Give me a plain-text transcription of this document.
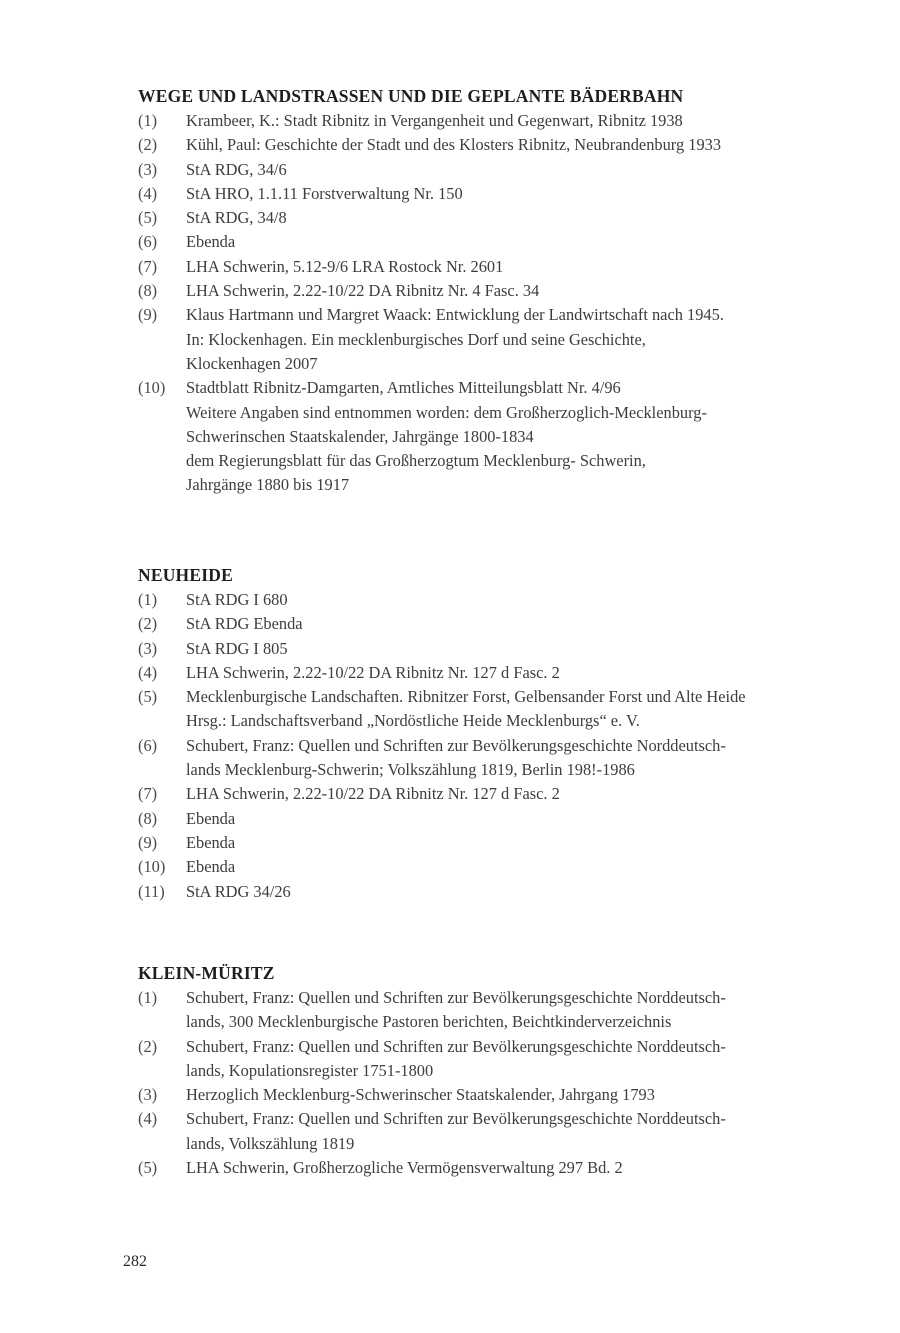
WEGE UND LANDSTRASSEN UND DIE GEPLANTE BÄDERBAHN
(1)	Krambeer, K.: Stadt Ribnitz in Vergangenheit und Gegenwart, Ribnitz 1938
(2)	Kühl, Paul: Geschichte der Stadt und des Klosters Ribnitz, Neubrandenburg 1933
(3)	StA RDG, 34/6
(4)	StA HRO, 1.1.11 Forstverwaltung Nr. 150
(5)	StA RDG, 34/8
(6)	Ebenda
(7)	LHA Schwerin, 5.12-9/6 LRA Rostock Nr. 2601
(8)	LHA Schwerin, 2.22-10/22 DA Ribnitz Nr. 4 Fasc. 34
(9)	Klaus Hartmann und Margret Waack: Entwicklung der Landwirtschaft nach 1945.
In: Klockenhagen. Ein mecklenburgisches Dorf und seine Geschichte,
Klockenhagen 2007
(10)	Stadtblatt Ribnitz-Damgarten, Amtliches Mitteilungsblatt Nr. 4/96
Weitere Angaben sind entnommen worden: dem Großherzoglich-Mecklenburg-
Schwerinschen Staatskalender, Jahrgänge 1800-1834
dem Regierungsblatt für das Großherzogtum Mecklenburg- Schwerin,
Jahrgänge 1880 bis 1917
NEUHEIDE
(1)	StA RDG I 680
(2)	StA RDG Ebenda
(3)	StA RDG I 805
(4)	LHA Schwerin, 2.22-10/22 DA Ribnitz Nr. 127 d Fasc. 2
(5)	Mecklenburgische Landschaften. Ribnitzer Forst, Gelbensander Forst und Alte Heide
Hrsg.: Landschaftsverband „Nordöstliche Heide Mecklenburgs“ e. V.
(6)	Schubert, Franz: Quellen und Schriften zur Bevölkerungsgeschichte Norddeutsch-
lands Mecklenburg-Schwerin; Volkszählung 1819, Berlin 198!-1986
(7)	LHA Schwerin, 2.22-10/22 DA Ribnitz Nr. 127 d Fasc. 2
(8)	Ebenda
(9)	Ebenda
(10)	Ebenda
(11)	StA RDG 34/26
KLEIN-MÜRITZ
(1)	Schubert, Franz: Quellen und Schriften zur Bevölkerungsgeschichte Norddeutsch-
lands, 300 Mecklenburgische Pastoren berichten, Beichtkinderverzeichnis
(2)	Schubert, Franz: Quellen und Schriften zur Bevölkerungsgeschichte Norddeutsch-
lands, Kopulationsregister 1751-1800
(3)	Herzoglich Mecklenburg-Schwerinscher Staatskalender, Jahrgang 1793
(4)	Schubert, Franz: Quellen und Schriften zur Bevölkerungsgeschichte Norddeutsch-
lands, Volkszählung 1819
(5)	LHA Schwerin, Großherzogliche Vermögensverwaltung 297 Bd. 2
282
